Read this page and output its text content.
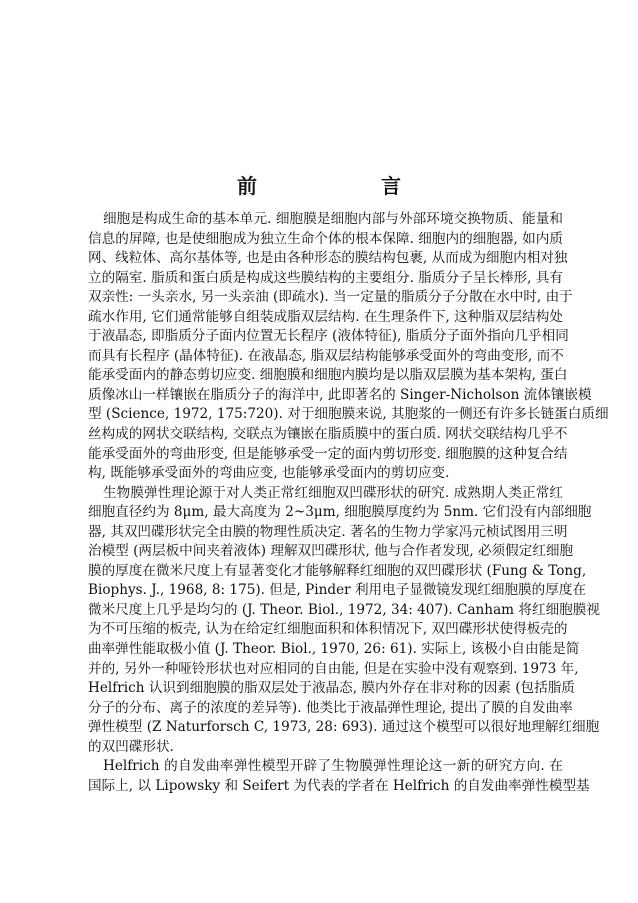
前　言
细胞是构成生命的基本单元. 细胞膜是细胞内部与外部环境交换物质、能量和
信息的屏障, 也是使细胞成为独立生命个体的根本保障. 细胞内的细胞器, 如内质
网、线粒体、高尔基体等, 也是由各种形态的膜结构包裹, 从而成为细胞内相对独
立的隔室. 脂质和蛋白质是构成这些膜结构的主要组分. 脂质分子呈长棒形, 具有
双亲性: 一头亲水, 另一头亲油 (即疏水). 当一定量的脂质分子分散在水中时, 由于
疏水作用, 它们通常能够自组装成脂双层结构. 在生理条件下, 这种脂双层结构处
于液晶态, 即脂质分子面内位置无长程序 (液体特征), 脂质分子面外指向几乎相同
而具有长程序 (晶体特征). 在液晶态, 脂双层结构能够承受面外的弯曲变形, 而不
能承受面内的静态剪切应变. 细胞膜和细胞内膜均是以脂双层膜为基本架构, 蛋白
质像冰山一样镶嵌在脂质分子的海洋中, 此即著名的 Singer-Nicholson 流体镶嵌模
型 (Science, 1972, 175:720). 对于细胞膜来说, 其胞浆的一侧还有许多长链蛋白质细
丝构成的网状交联结构, 交联点为镶嵌在脂质膜中的蛋白质. 网状交联结构几乎不
能承受面外的弯曲形变, 但是能够承受一定的面内剪切形变. 细胞膜的这种复合结
构, 既能够承受面外的弯曲应变, 也能够承受面内的剪切应变.
生物膜弹性理论源于对人类正常红细胞双凹碟形状的研究. 成熟期人类正常红
细胞直径约为 8μm, 最大高度为 2~3μm, 细胞膜厚度约为 5nm. 它们没有内部细胞
器, 其双凹碟形状完全由膜的物理性质决定. 著名的生物力学家冯元桢试图用三明
治模型 (两层板中间夹着液体) 理解双凹碟形状, 他与合作者发现, 必须假定红细胞
膜的厚度在微米尺度上有显著变化才能够解释红细胞的双凹碟形状 (Fung & Tong,
Biophys. J., 1968, 8: 175). 但是, Pinder 利用电子显微镜发现红细胞膜的厚度在
微米尺度上几乎是均匀的 (J. Theor. Biol., 1972, 34: 407). Canham 将红细胞膜视
为不可压缩的板壳, 认为在给定红细胞面积和体积情况下, 双凹碟形状使得板壳的
曲率弹性能取极小值 (J. Theor. Biol., 1970, 26: 61). 实际上, 该极小自由能是简
并的, 另外一种哑铃形状也对应相同的自由能, 但是在实验中没有观察到. 1973 年,
Helfrich 认识到细胞膜的脂双层处于液晶态, 膜内外存在非对称的因素 (包括脂质
分子的分布、离子的浓度的差异等). 他类比于液晶弹性理论, 提出了膜的自发曲率
弹性模型 (Z Naturforsch C, 1973, 28: 693). 通过这个模型可以很好地理解红细胞
的双凹碟形状.
Helfrich 的自发曲率弹性模型开辟了生物膜弹性理论这一新的研究方向. 在
国际上, 以 Lipowsky 和 Seifert 为代表的学者在 Helfrich 的自发曲率弹性模型基
